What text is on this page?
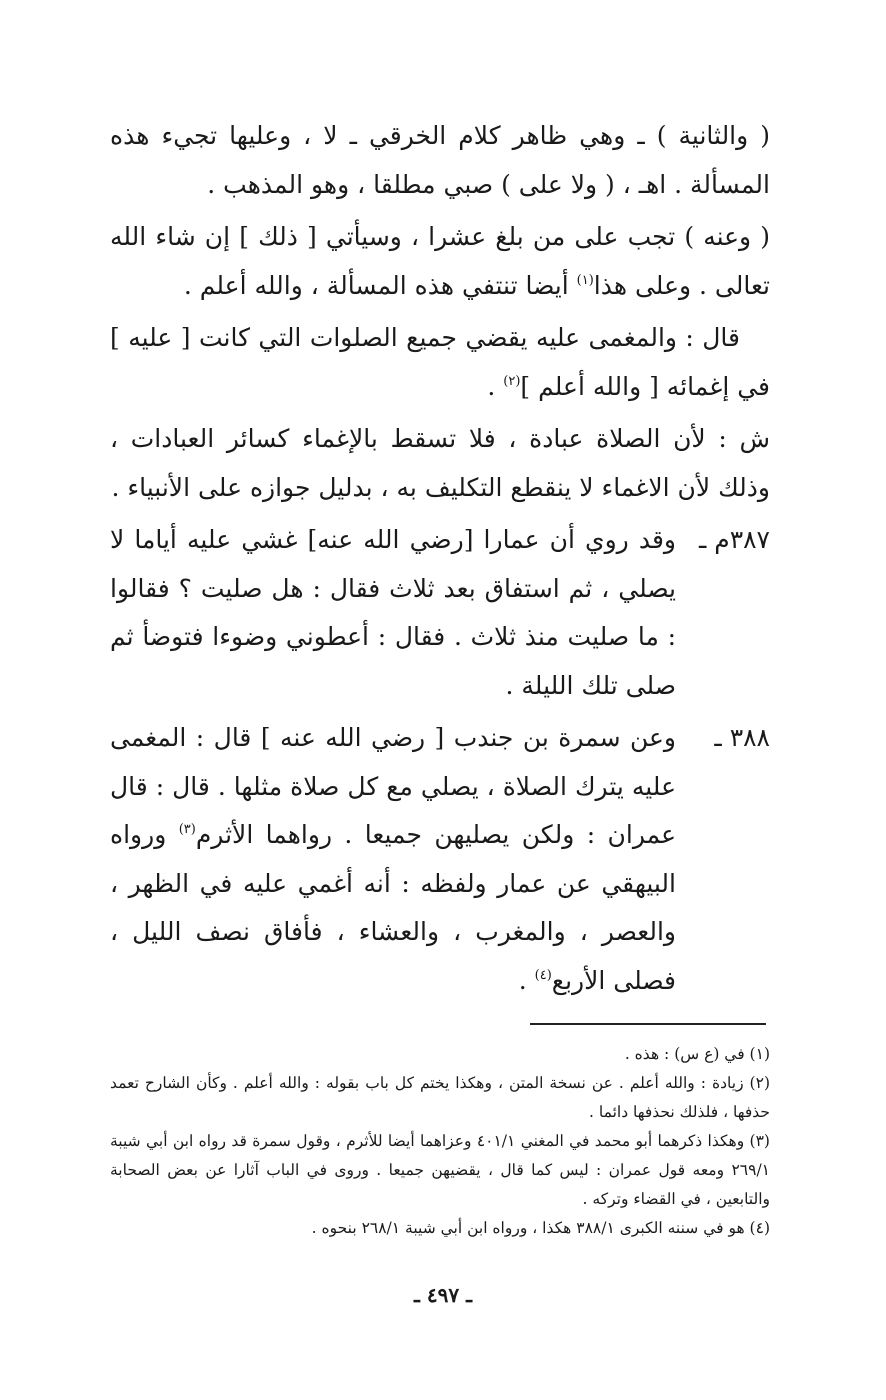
( والثانية ) ـ وهي ظاهر كلام الخرقي ـ لا ، وعليها تجيء هذه المسألة . اهـ ، ( ولا على ) صبي مطلقا ، وهو المذهب .

( وعنه ) تجب على من بلغ عشرا ، وسيأتي [ ذلك ] إن شاء الله تعالى . وعلى هذا$^{(١)}$ أيضا تنتفي هذه المسألة ، والله أعلم .

قال : والمغمى عليه يقضي جميع الصلوات التي كانت [ عليه ] في إغمائه [ والله أعلم ]$^{(٢)}$ .

ش : لأن الصلاة عبادة ، فلا تسقط بالإغماء كسائر العبادات ، وذلك لأن الاغماء لا ينقطع التكليف به ، بدليل جوازه على الأنبياء .

٣٨٧م ـ
وقد روي أن عمارا [رضي الله عنه] غشي عليه أياما لا يصلي ، ثم استفاق بعد ثلاث فقال : هل صليت ؟ فقالوا : ما صليت منذ ثلاث . فقال : أعطوني وضوءا فتوضأ ثم صلى تلك الليلة .
٣٨٨ ـ
وعن سمرة بن جندب [ رضي الله عنه ] قال : المغمى عليه يترك الصلاة ، يصلي مع كل صلاة مثلها . قال : قال عمران : ولكن يصليهن جميعا . رواهما الأثرم$^{(٣)}$ ورواه البيهقي عن عمار ولفظه : أنه أغمي عليه في الظهر ، والعصر ، والمغرب ، والعشاء ، فأفاق نصف الليل ، فصلى الأربع$^{(٤)}$ .

(١) في (ع س) : هذه .

(٢) زيادة : والله أعلم . عن نسخة المتن ، وهكذا يختم كل باب بقوله : والله أعلم . وكأن الشارح تعمد حذفها ، فلذلك نحذفها دائما .

(٣) وهكذا ذكرهما أبو محمد في المغني ٤٠١/١ وعزاهما أيضا للأثرم ، وقول سمرة قد رواه ابن أبي شيبة ٢٦٩/١ ومعه قول عمران : ليس كما قال ، يقضيهن جميعا . وروى في الباب آثارا عن بعض الصحابة والتابعين ، في القضاء وتركه .

(٤) هو في سننه الكبرى ٣٨٨/١ هكذا ، ورواه ابن أبي شيبة ٢٦٨/١ بنحوه .

ـ ٤٩٧ ـ
